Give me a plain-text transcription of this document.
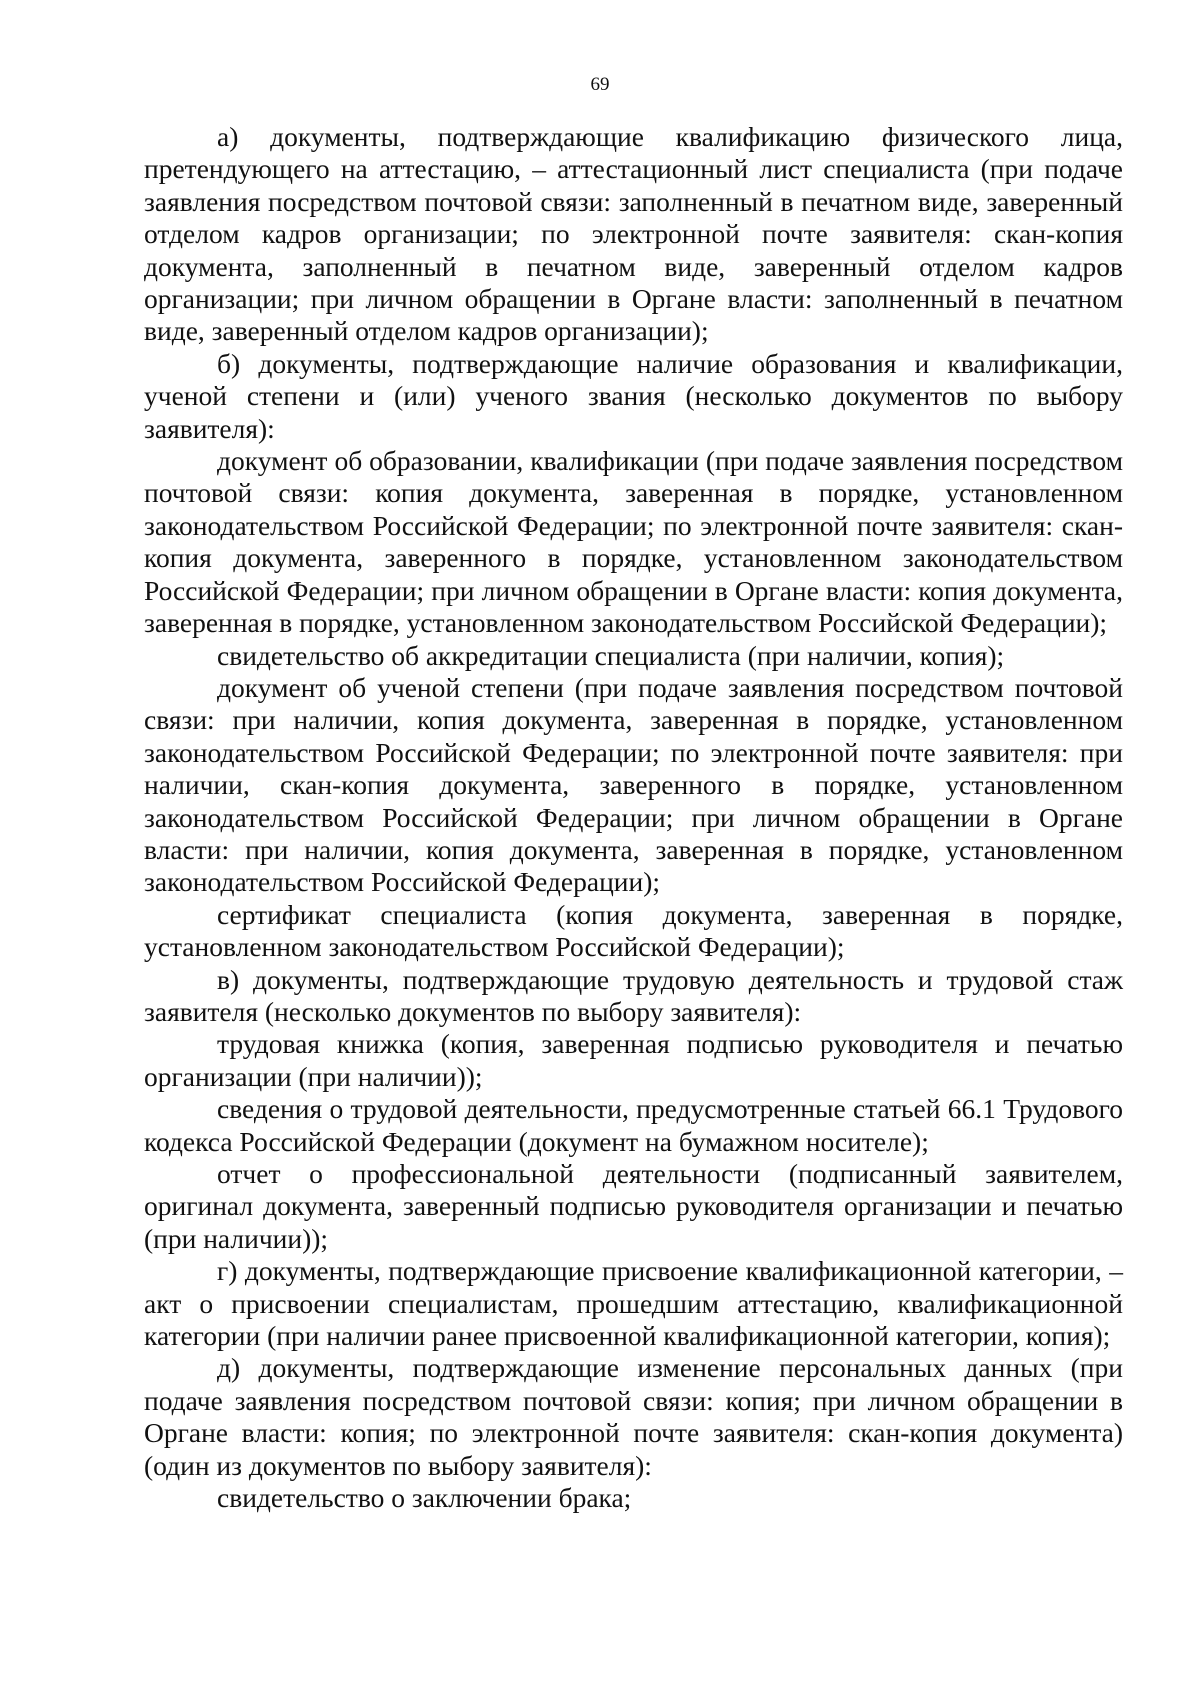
69

а) документы, подтверждающие квалификацию физического лица, претендующего на аттестацию, – аттестационный лист специалиста (при подаче заявления посредством почтовой связи: заполненный в печатном виде, заверенный отделом кадров организации; по электронной почте заявителя: скан-копия документа, заполненный в печатном виде, заверенный отделом кадров организации; при личном обращении в Органе власти: заполненный в печатном виде, заверенный отделом кадров организации);

б) документы, подтверждающие наличие образования и квалификации, ученой степени и (или) ученого звания (несколько документов по выбору заявителя):

документ об образовании, квалификации (при подаче заявления посредством почтовой связи: копия документа, заверенная в порядке, установленном законодательством Российской Федерации; по электронной почте заявителя: скан-копия документа, заверенного в порядке, установленном законодательством Российской Федерации; при личном обращении в Органе власти: копия документа, заверенная в порядке, установленном законодательством Российской Федерации);

свидетельство об аккредитации специалиста (при наличии, копия);

документ об ученой степени (при подаче заявления посредством почтовой связи: при наличии, копия документа, заверенная в порядке, установленном законодательством Российской Федерации; по электронной почте заявителя: при наличии, скан-копия документа, заверенного в порядке, установленном законодательством Российской Федерации; при личном обращении в Органе власти: при наличии, копия документа, заверенная в порядке, установленном законодательством Российской Федерации);

сертификат специалиста (копия документа, заверенная в порядке, установленном законодательством Российской Федерации);

в) документы, подтверждающие трудовую деятельность и трудовой стаж заявителя (несколько документов по выбору заявителя):

трудовая книжка (копия, заверенная подписью руководителя и печатью организации (при наличии));

сведения о трудовой деятельности, предусмотренные статьей 66.1 Трудового кодекса Российской Федерации (документ на бумажном носителе);

отчет о профессиональной деятельности (подписанный заявителем, оригинал документа, заверенный подписью руководителя организации и печатью (при наличии));

г) документы, подтверждающие присвоение квалификационной категории, – акт о присвоении специалистам, прошедшим аттестацию, квалификационной категории (при наличии ранее присвоенной квалификационной категории, копия);

д) документы, подтверждающие изменение персональных данных (при подаче заявления посредством почтовой связи: копия; при личном обращении в Органе власти: копия; по электронной почте заявителя: скан-копия документа) (один из документов по выбору заявителя):

свидетельство о заключении брака;
